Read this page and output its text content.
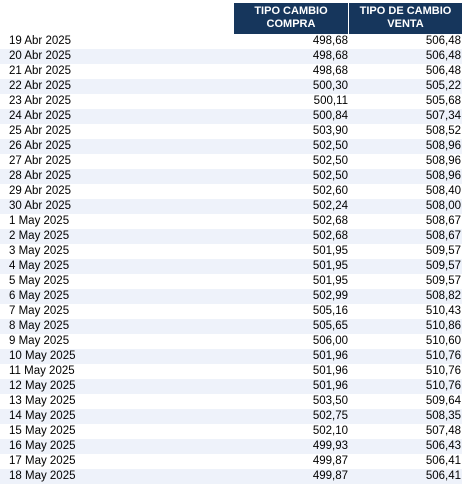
TIPO CAMBIO
COMPRA
TIPO DE CAMBIO
VENTA
19 Abr 2025	498,68	506,48
20 Abr 2025	498,68	506,48
21 Abr 2025	498,68	506,48
22 Abr 2025	500,30	505,22
23 Abr 2025	500,11	505,68
24 Abr 2025	500,84	507,34
25 Abr 2025	503,90	508,52
26 Abr 2025	502,50	508,96
27 Abr 2025	502,50	508,96
28 Abr 2025	502,50	508,96
29 Abr 2025	502,60	508,40
30 Abr 2025	502,24	508,00
1 May 2025	502,68	508,67
2 May 2025	502,68	508,67
3 May 2025	501,95	509,57
4 May 2025	501,95	509,57
5 May 2025	501,95	509,57
6 May 2025	502,99	508,82
7 May 2025	505,16	510,43
8 May 2025	505,65	510,86
9 May 2025	506,00	510,60
10 May 2025	501,96	510,76
11 May 2025	501,96	510,76
12 May 2025	501,96	510,76
13 May 2025	503,50	509,64
14 May 2025	502,75	508,35
15 May 2025	502,10	507,48
16 May 2025	499,93	506,43
17 May 2025	499,87	506,41
18 May 2025	499,87	506,41
